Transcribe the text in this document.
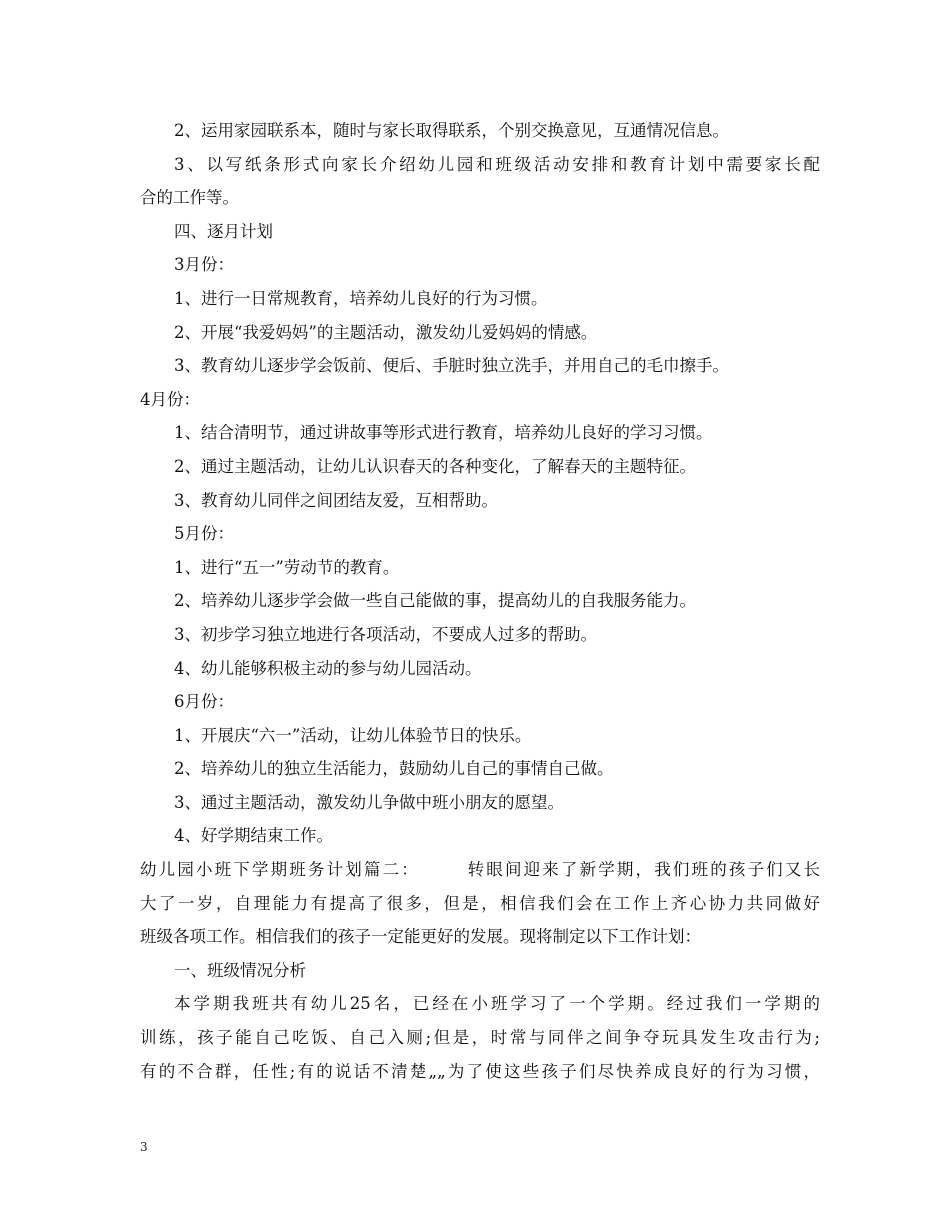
2、运用家园联系本，随时与家长取得联系，个别交换意见，互通情况信息。
3、以写纸条形式向家长介绍幼儿园和班级活动安排和教育计划中需要家长配
合的工作等。
四、逐月计划
3月份：
1、进行一日常规教育，培养幼儿良好的行为习惯。
2、开展“我爱妈妈”的主题活动，激发幼儿爱妈妈的情感。
3、教育幼儿逐步学会饭前、便后、手脏时独立洗手，并用自己的毛巾擦手。
4月份：
1、结合清明节，通过讲故事等形式进行教育，培养幼儿良好的学习习惯。
2、通过主题活动，让幼儿认识春天的各种变化，了解春天的主题特征。
3、教育幼儿同伴之间团结友爱，互相帮助。
5月份：
1、进行“五一”劳动节的教育。
2、培养幼儿逐步学会做一些自己能做的事，提高幼儿的自我服务能力。
3、初步学习独立地进行各项活动，不要成人过多的帮助。
4、幼儿能够积极主动的参与幼儿园活动。
6月份：
1、开展庆“六一”活动，让幼儿体验节日的快乐。
2、培养幼儿的独立生活能力，鼓励幼儿自己的事情自己做。
3、通过主题活动，激发幼儿争做中班小朋友的愿望。
4、好学期结束工作。
幼儿园小班下学期班务计划篇二：　　　转眼间迎来了新学期，我们班的孩子们又长
大了一岁，自理能力有提高了很多，但是，相信我们会在工作上齐心协力共同做好
班级各项工作。相信我们的孩子一定能更好的发展。现将制定以下工作计划：
一、班级情况分析
本学期我班共有幼儿25名，已经在小班学习了一个学期。经过我们一学期的
训练，孩子能自己吃饭、自己入厕;但是，时常与同伴之间争夺玩具发生攻击行为;
有的不合群，任性;有的说话不清楚„„为了使这些孩子们尽快养成良好的行为习惯，
3
